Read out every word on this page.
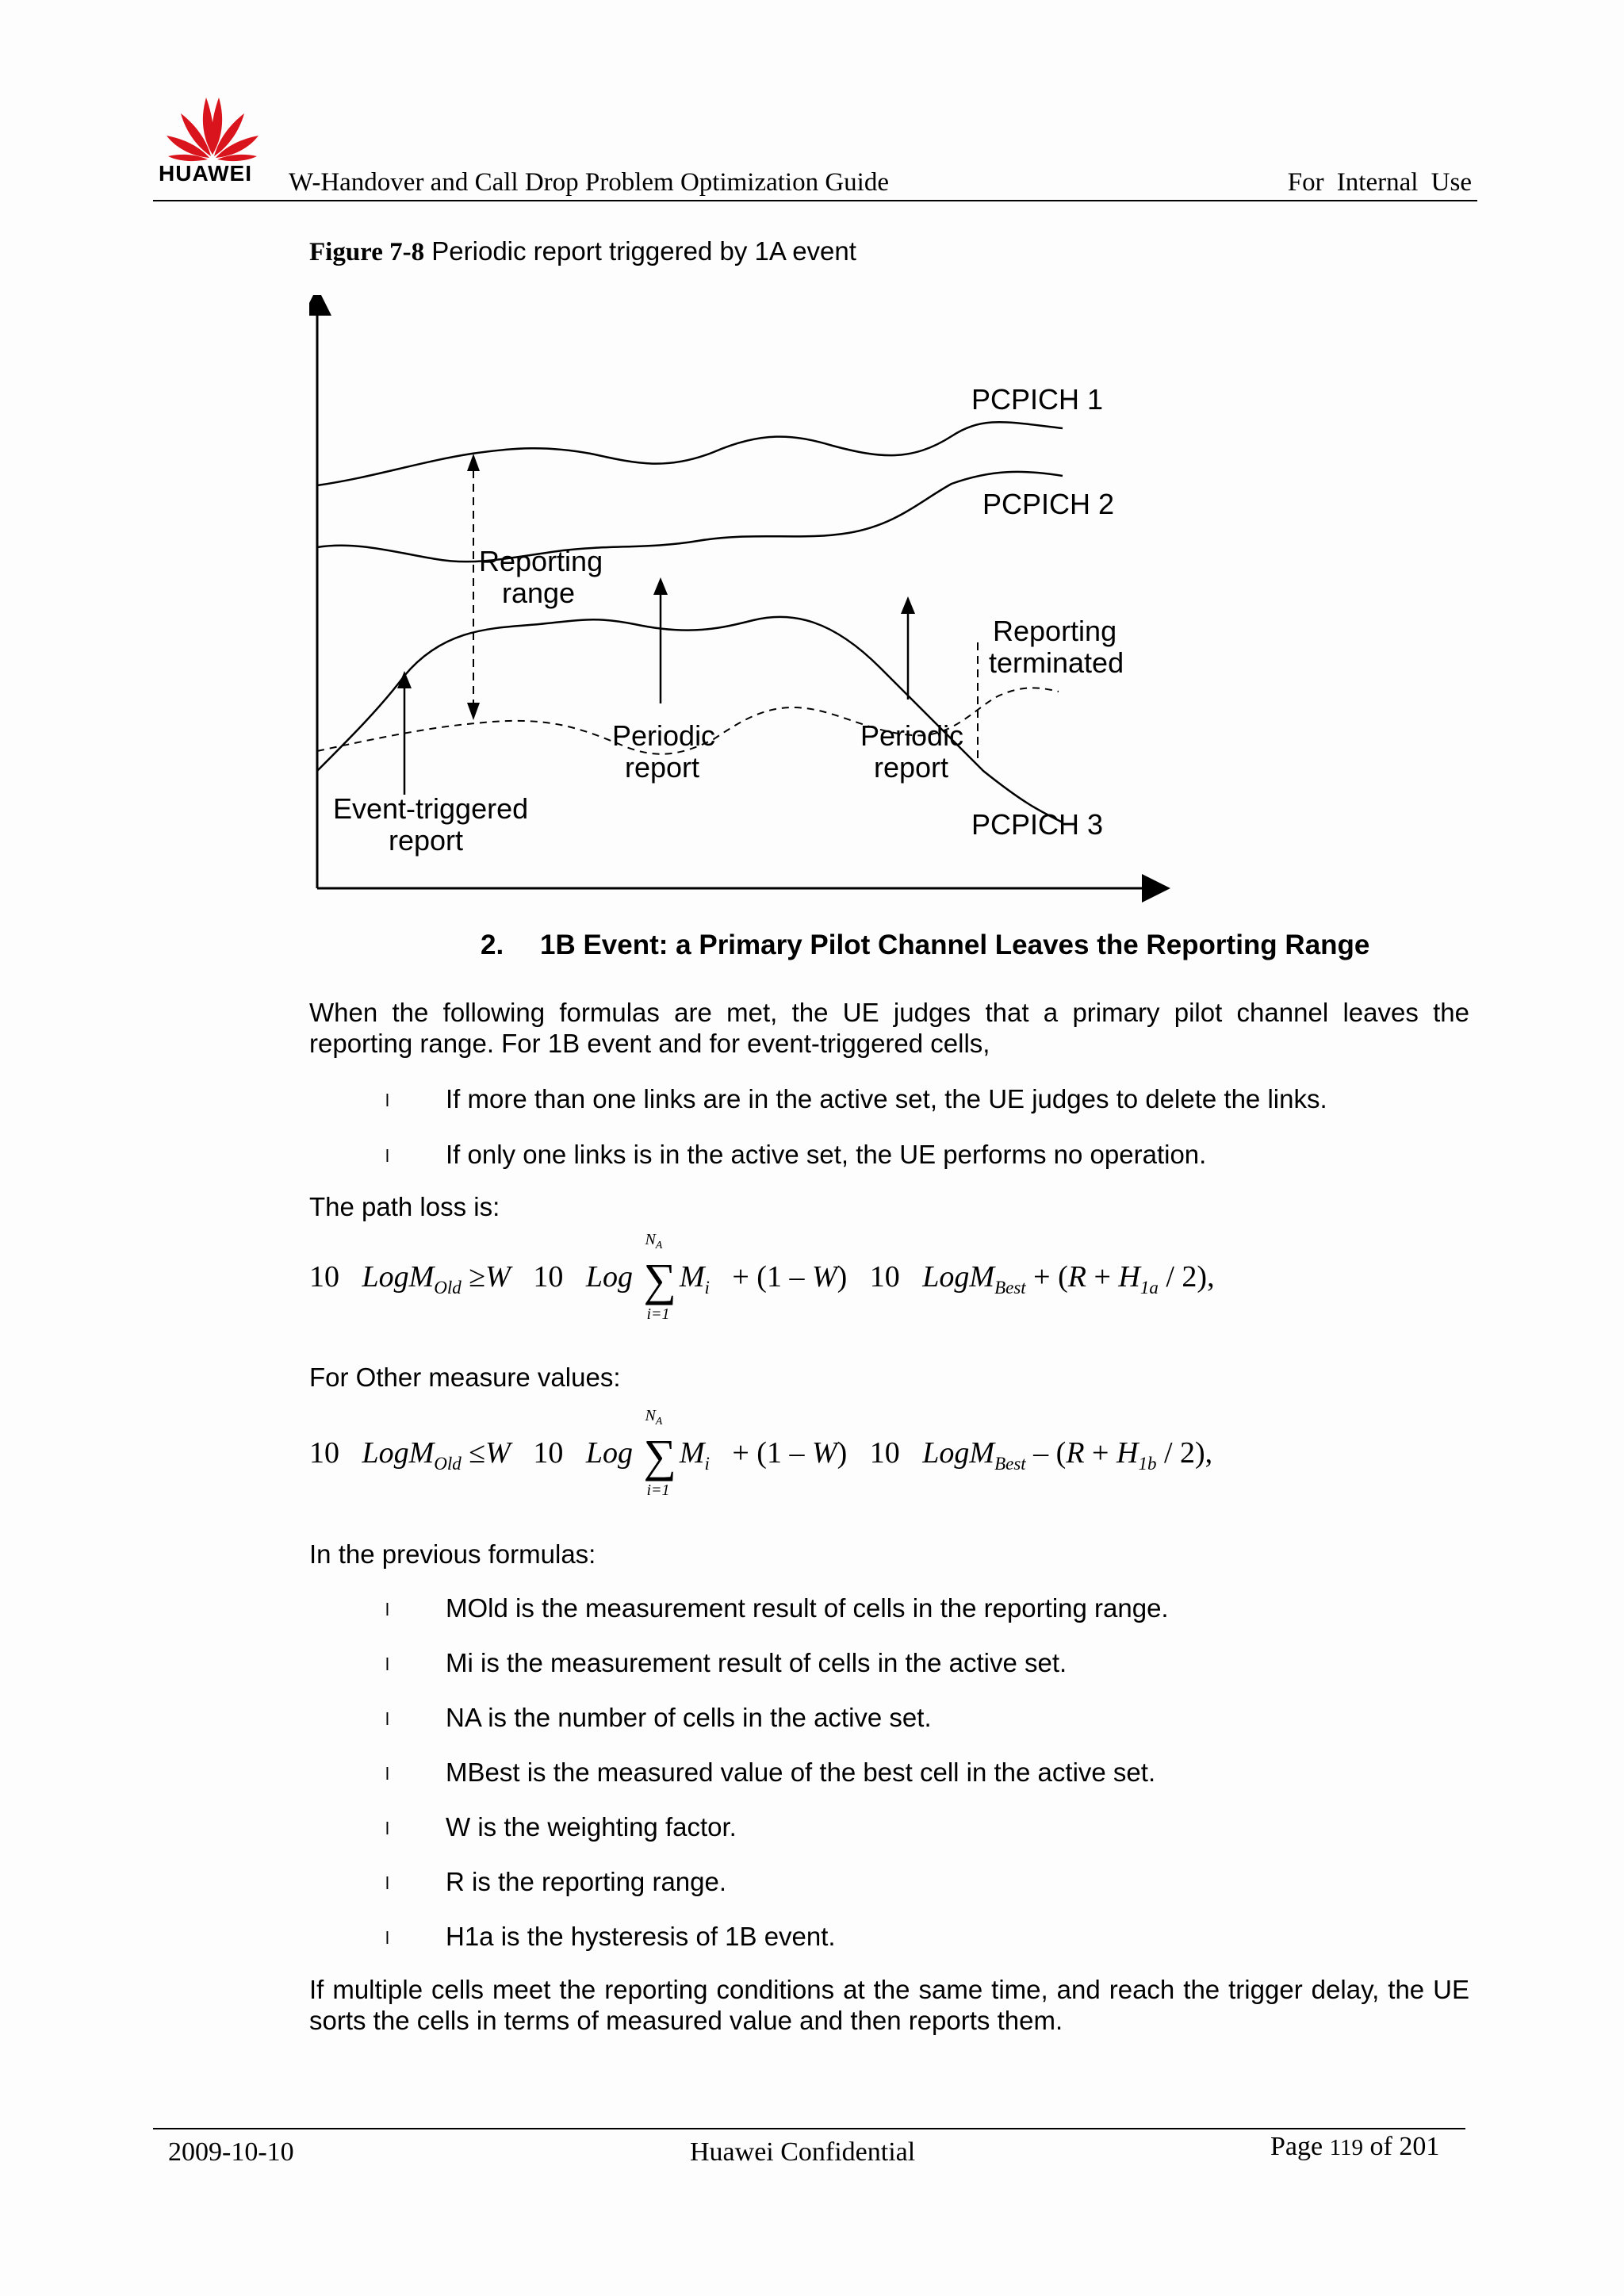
HUAWEI W-Handover and Call Drop Problem Optimization Guide	For Internal Use
Figure 7-8 Periodic report triggered by 1A event
PCPICH 1
PCPICH 2
PCPICH 3
Reporting
range
Reporting
terminated
Periodic
report
Periodic
report
Event-triggered
report
2. 1B Event: a Primary Pilot Channel Leaves the Reporting Range
When the following formulas are met, the UE judges that a primary pilot channel leaves the reporting range. For 1B event and for event-triggered cells,
l If more than one links are in the active set, the UE judges to delete the links.
l If only one links is in the active set, the UE performs no operation.
The path loss is:
10 LogM$_{Old}$ ≥W 10 Log ∑
$N_A$
i=1
$M_i + (1 - W)$ 10 LogM$_{Best}$ + $(R + H_{1a} / 2)$,
For Other measure values:
10 LogM$_{Old}$ ≤W 10 Log ∑
$N_A$
i=1
$M_i + (1 - W)$ 10 LogM$_{Best}$ – $(R + H_{1b} / 2)$,
In the previous formulas:
l MOld is the measurement result of cells in the reporting range.
l Mi is the measurement result of cells in the active set.
l NA is the number of cells in the active set.
l MBest is the measured value of the best cell in the active set.
l W is the weighting factor.
l R is the reporting range.
l H1a is the hysteresis of 1B event.
If multiple cells meet the reporting conditions at the same time, and reach the trigger delay, the UE sorts the cells in terms of measured value and then reports them.
2009-10-10	Huawei Confidential	Page 119 of 201
